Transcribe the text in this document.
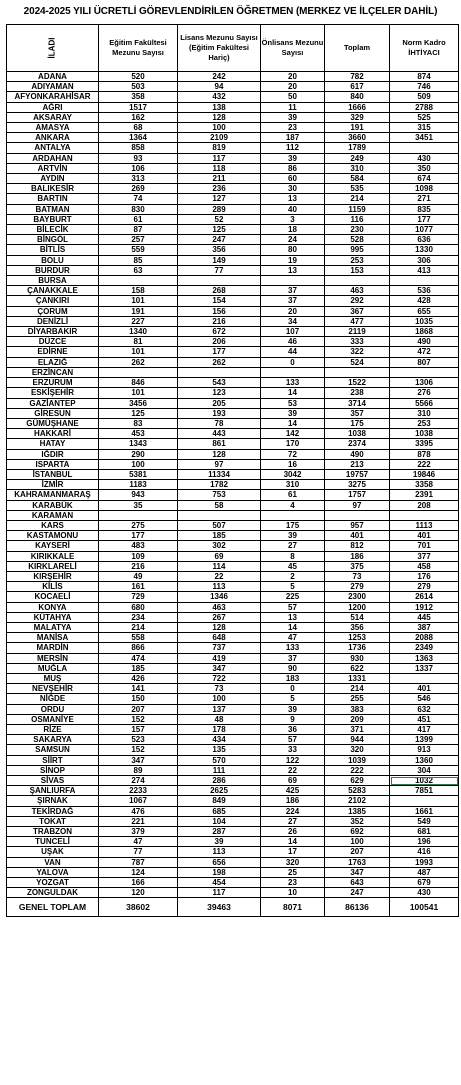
2024-2025 YILI ÜCRETLİ GÖREVLENDİRİLEN ÖĞRETMEN (MERKEZ VE İLÇELER DAHİL)
İLADI	Eğitim Fakültesi Mezunu Sayısı	Lisans Mezunu Sayısı (Eğitim Fakültesi Hariç)	Önlisans Mezunu Sayısı	Toplam	Norm Kadro İHTİYACI
ADANA	520	242	20	782	874
ADIYAMAN	503	94	20	617	746
AFYONKARAHİSAR	358	432	50	840	509
AĞRI	1517	138	11	1666	2788
AKSARAY	162	128	39	329	525
AMASYA	68	100	23	191	315
ANKARA	1364	2109	187	3660	3451
ANTALYA	858	819	112	1789	
ARDAHAN	93	117	39	249	430
ARTVİN	106	118	86	310	350
AYDIN	313	211	60	584	674
BALIKESİR	269	236	30	535	1098
BARTIN	74	127	13	214	271
BATMAN	830	289	40	1159	835
BAYBURT	61	52	3	116	177
BİLECİK	87	125	18	230	1077
BİNGÖL	257	247	24	528	636
BİTLİS	559	356	80	995	1330
BOLU	85	149	19	253	306
BURDUR	63	77	13	153	413
BURSA					
ÇANAKKALE	158	268	37	463	536
ÇANKIRI	101	154	37	292	428
ÇORUM	191	156	20	367	655
DENİZLİ	227	216	34	477	1035
DİYARBAKIR	1340	672	107	2119	1868
DÜZCE	81	206	46	333	490
EDİRNE	101	177	44	322	472
ELAZIĞ	262	262	0	524	807
ERZİNCAN					
ERZURUM	846	543	133	1522	1306
ESKİŞEHİR	101	123	14	238	276
GAZİANTEP	3456	205	53	3714	5566
GİRESUN	125	193	39	357	310
GÜMÜŞHANE	83	78	14	175	253
HAKKARİ	453	443	142	1038	1038
HATAY	1343	861	170	2374	3395
IĞDIR	290	128	72	490	878
ISPARTA	100	97	16	213	222
İSTANBUL	5381	11334	3042	19757	19846
İZMİR	1183	1782	310	3275	3358
KAHRAMANMARAŞ	943	753	61	1757	2391
KARABÜK	35	58	4	97	208
KARAMAN					
KARS	275	507	175	957	1113
KASTAMONU	177	185	39	401	401
KAYSERİ	483	302	27	812	701
KIRIKKALE	109	69	8	186	377
KIRKLARELİ	216	114	45	375	458
KIRŞEHİR	49	22	2	73	176
KİLİS	161	113	5	279	279
KOCAELİ	729	1346	225	2300	2614
KONYA	680	463	57	1200	1912
KÜTAHYA	234	267	13	514	445
MALATYA	214	128	14	356	387
MANİSA	558	648	47	1253	2088
MARDİN	866	737	133	1736	2349
MERSİN	474	419	37	930	1363
MUĞLA	185	347	90	622	1337
MUŞ	426	722	183	1331	
NEVŞEHİR	141	73	0	214	401
NİĞDE	150	100	5	255	546
ORDU	207	137	39	383	632
OSMANİYE	152	48	9	209	451
RİZE	157	178	36	371	417
SAKARYA	523	434	57	944	1399
SAMSUN	152	135	33	320	913
SİİRT	347	570	122	1039	1360
SİNOP	89	111	22	222	304
SİVAS	274	286	69	629	1032
ŞANLIURFA	2233	2625	425	5283	7851
ŞIRNAK	1067	849	186	2102	
TEKİRDAĞ	476	685	224	1385	1661
TOKAT	221	104	27	352	549
TRABZON	379	287	26	692	681
TUNCELİ	47	39	14	100	196
UŞAK	77	113	17	207	416
VAN	787	656	320	1763	1993
YALOVA	124	198	25	347	487
YOZGAT	166	454	23	643	679
ZONGULDAK	120	117	10	247	430
GENEL TOPLAM	38602	39463	8071	86136	100541
